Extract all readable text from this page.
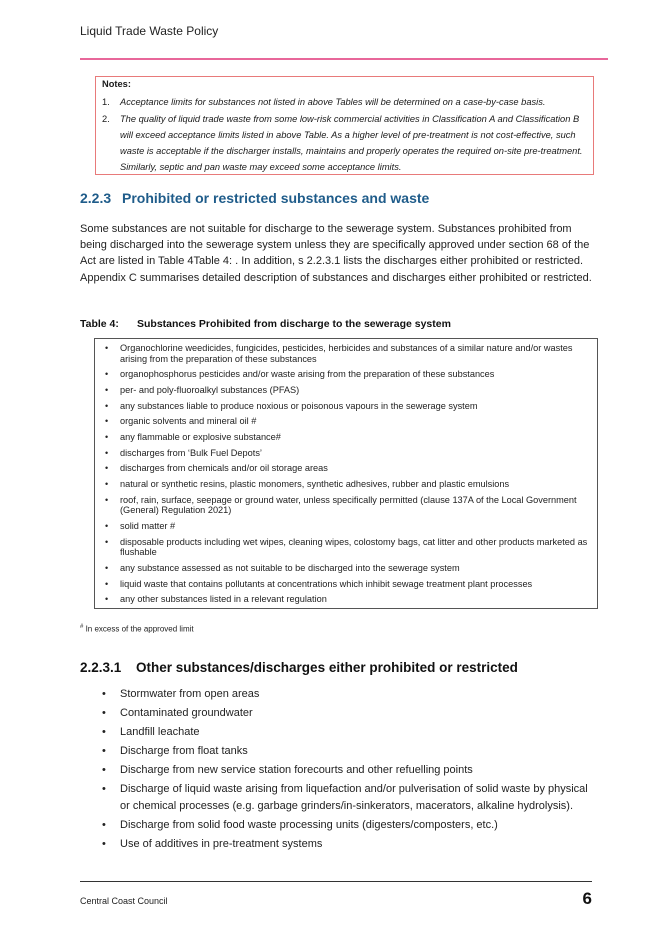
Liquid Trade Waste Policy
Notes:
1. Acceptance limits for substances not listed in above Tables will be determined on a case-by-case basis.
2. The quality of liquid trade waste from some low-risk commercial activities in Classification A and Classification B will exceed acceptance limits listed in above Table. As a higher level of pre-treatment is not cost-effective, such waste is acceptable if the discharger installs, maintains and properly operates the required on-site pre-treatment. Similarly, septic and pan waste may exceed some acceptance limits.
2.2.3 Prohibited or restricted substances and waste

Some substances are not suitable for discharge to the sewerage system. Substances prohibited from being discharged into the sewerage system unless they are specifically approved under section 68 of the Act are listed in Table 4Table 4: . In addition, s 2.2.3.1 lists the discharges either prohibited or restricted. Appendix C summarises detailed description of substances and discharges either prohibited or restricted.

Table 4: Substances Prohibited from discharge to the sewerage system
• Organochlorine weedicides, fungicides, pesticides, herbicides and substances of a similar nature and/or wastes arising from the preparation of these substances
• organophosphorus pesticides and/or waste arising from the preparation of these substances
• per- and poly-fluoroalkyl substances (PFAS)
• any substances liable to produce noxious or poisonous vapours in the sewerage system
• organic solvents and mineral oil #
• any flammable or explosive substance#
• discharges from ‘Bulk Fuel Depots’
• discharges from chemicals and/or oil storage areas
• natural or synthetic resins, plastic monomers, synthetic adhesives, rubber and plastic emulsions
• roof, rain, surface, seepage or ground water, unless specifically permitted (clause 137A of the Local Government (General) Regulation 2021)
• solid matter #
• disposable products including wet wipes, cleaning wipes, colostomy bags, cat litter and other products marketed as flushable
• any substance assessed as not suitable to be discharged into the sewerage system
• liquid waste that contains pollutants at concentrations which inhibit sewage treatment plant processes
• any other substances listed in a relevant regulation
# In excess of the approved limit
2.2.3.1 Other substances/discharges either prohibited or restricted
• Stormwater from open areas
• Contaminated groundwater
• Landfill leachate
• Discharge from float tanks
• Discharge from new service station forecourts and other refuelling points
• Discharge of liquid waste arising from liquefaction and/or pulverisation of solid waste by physical or chemical processes (e.g. garbage grinders/in-sinkerators, macerators, alkaline hydrolysis).
• Discharge from solid food waste processing units (digesters/composters, etc.)
• Use of additives in pre-treatment systems
Central Coast Council	6
